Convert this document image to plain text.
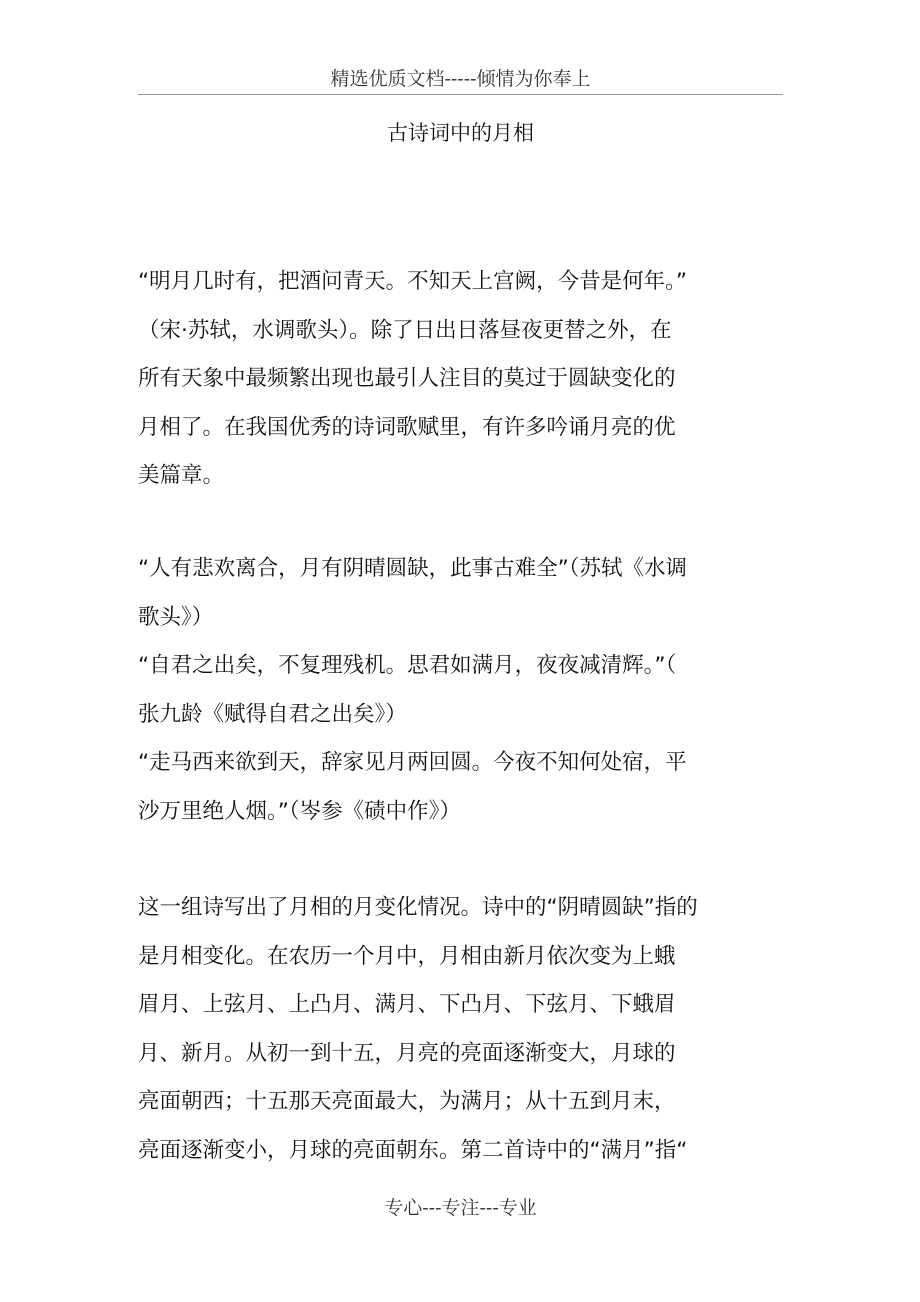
精选优质文档-----倾情为你奉上
古诗词中的月相
“明月几时有，把酒问青天。不知天上宫阙，今昔是何年。”
（宋·苏轼，水调歌头）。除了日出日落昼夜更替之外，在
所有天象中最频繁出现也最引人注目的莫过于圆缺变化的
月相了。在我国优秀的诗词歌赋里，有许多吟诵月亮的优
美篇章。
“人有悲欢离合，月有阴晴圆缺，此事古难全”（苏轼《水调
歌头》）
“自君之出矣，不复理残机。思君如满月，夜夜减清辉。”（
张九龄《赋得自君之出矣》）
“走马西来欲到天，辞家见月两回圆。今夜不知何处宿，平
沙万里绝人烟。”（岑参《碛中作》）
这一组诗写出了月相的月变化情况。诗中的“阴晴圆缺”指的
是月相变化。在农历一个月中，月相由新月依次变为上蛾
眉月、上弦月、上凸月、满月、下凸月、下弦月、下蛾眉
月、新月。从初一到十五，月亮的亮面逐渐变大，月球的
亮面朝西；十五那天亮面最大，为满月；从十五到月末，
亮面逐渐变小，月球的亮面朝东。第二首诗中的“满月”指“
专心---专注---专业
